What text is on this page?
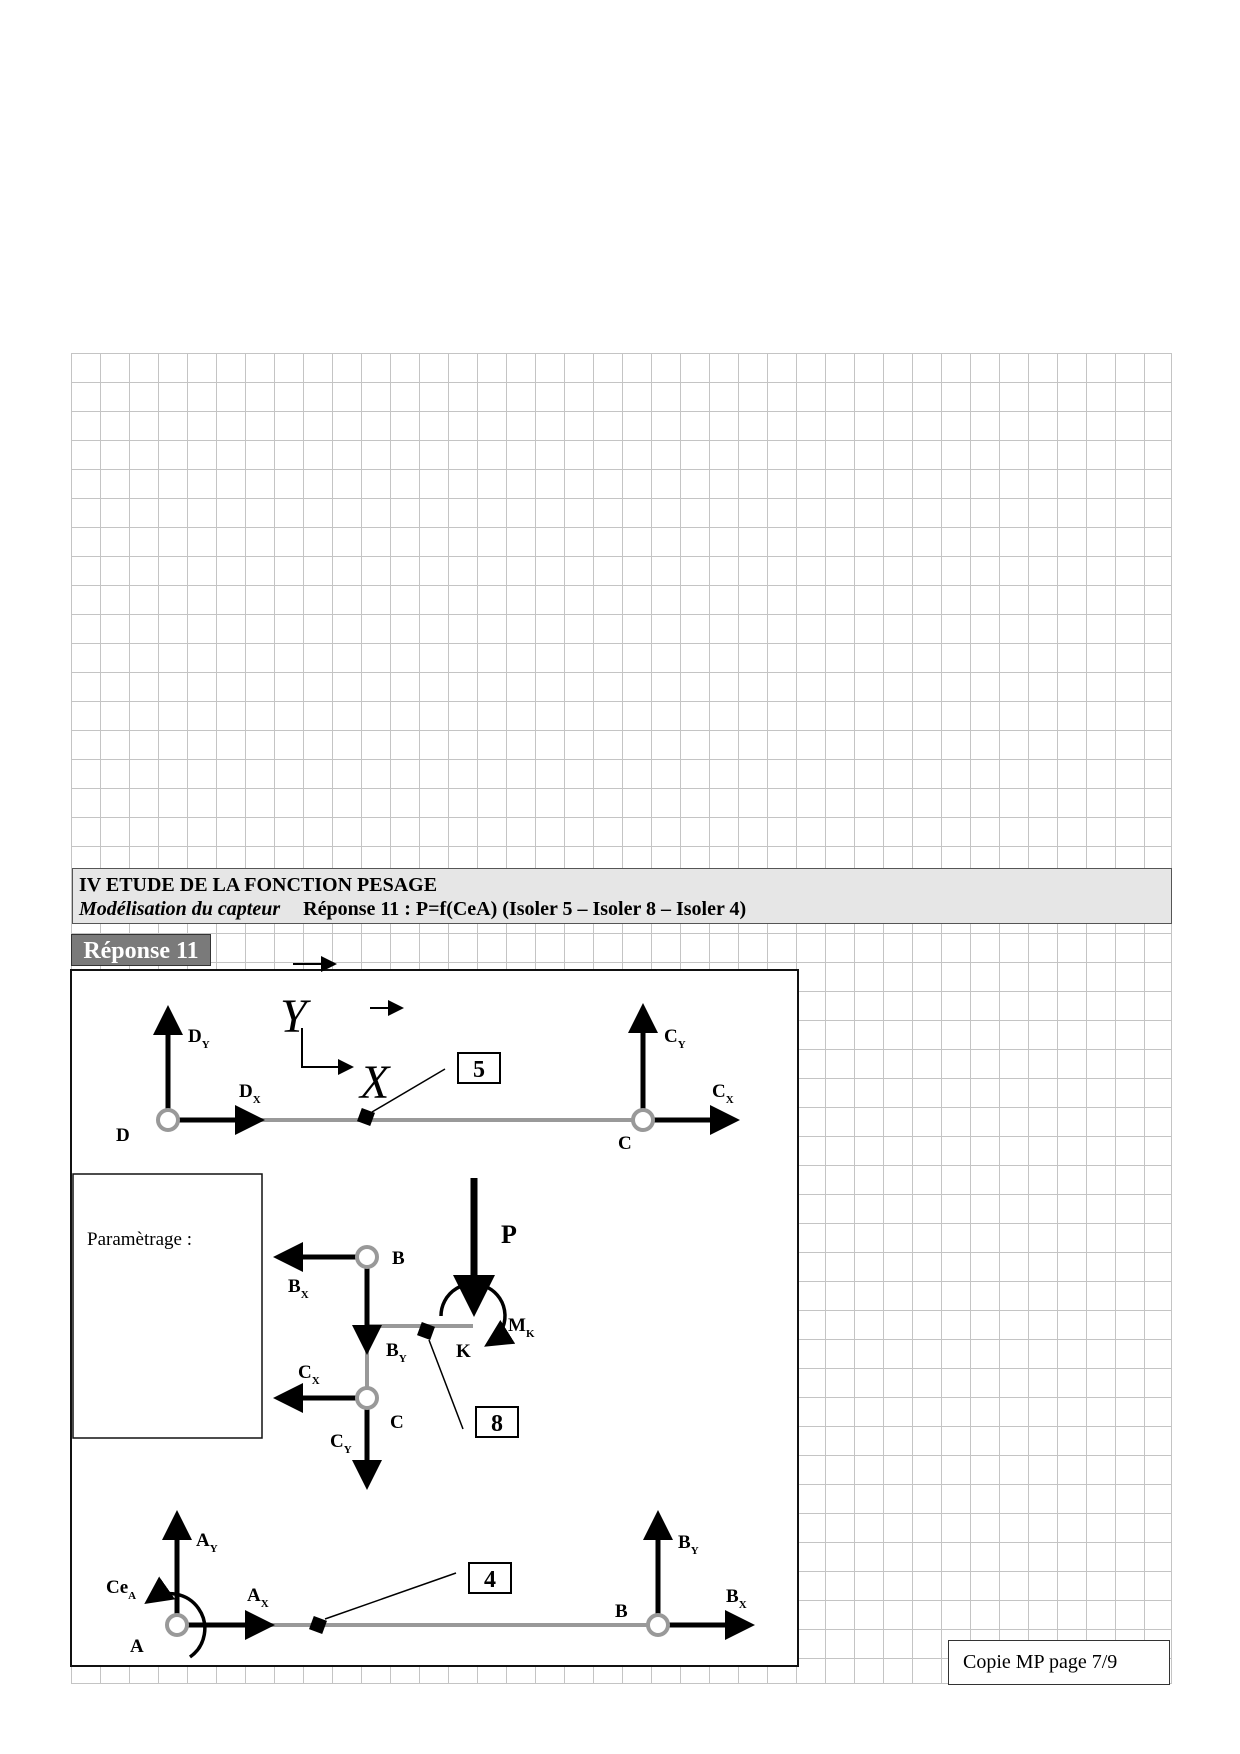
IV ETUDE DE LA FONCTION PESAGE
Modélisation du capteur Réponse 11 : P=f(CeA) (Isoler 5 – Isoler 8 – Isoler 4)
Réponse 11
Y
X	5
$D_Y$
$D_X$
D
$C_Y$
$C_X$
C
Paramètrage :
8
B
$B_X$
$B_Y$
P
$M_K$
K
$C_X$
C
$C_Y$
4
$A_Y$
$A_X$
$Ce_A$
A
$B_Y$
$B_X$
B
Copie MP page 7/9
